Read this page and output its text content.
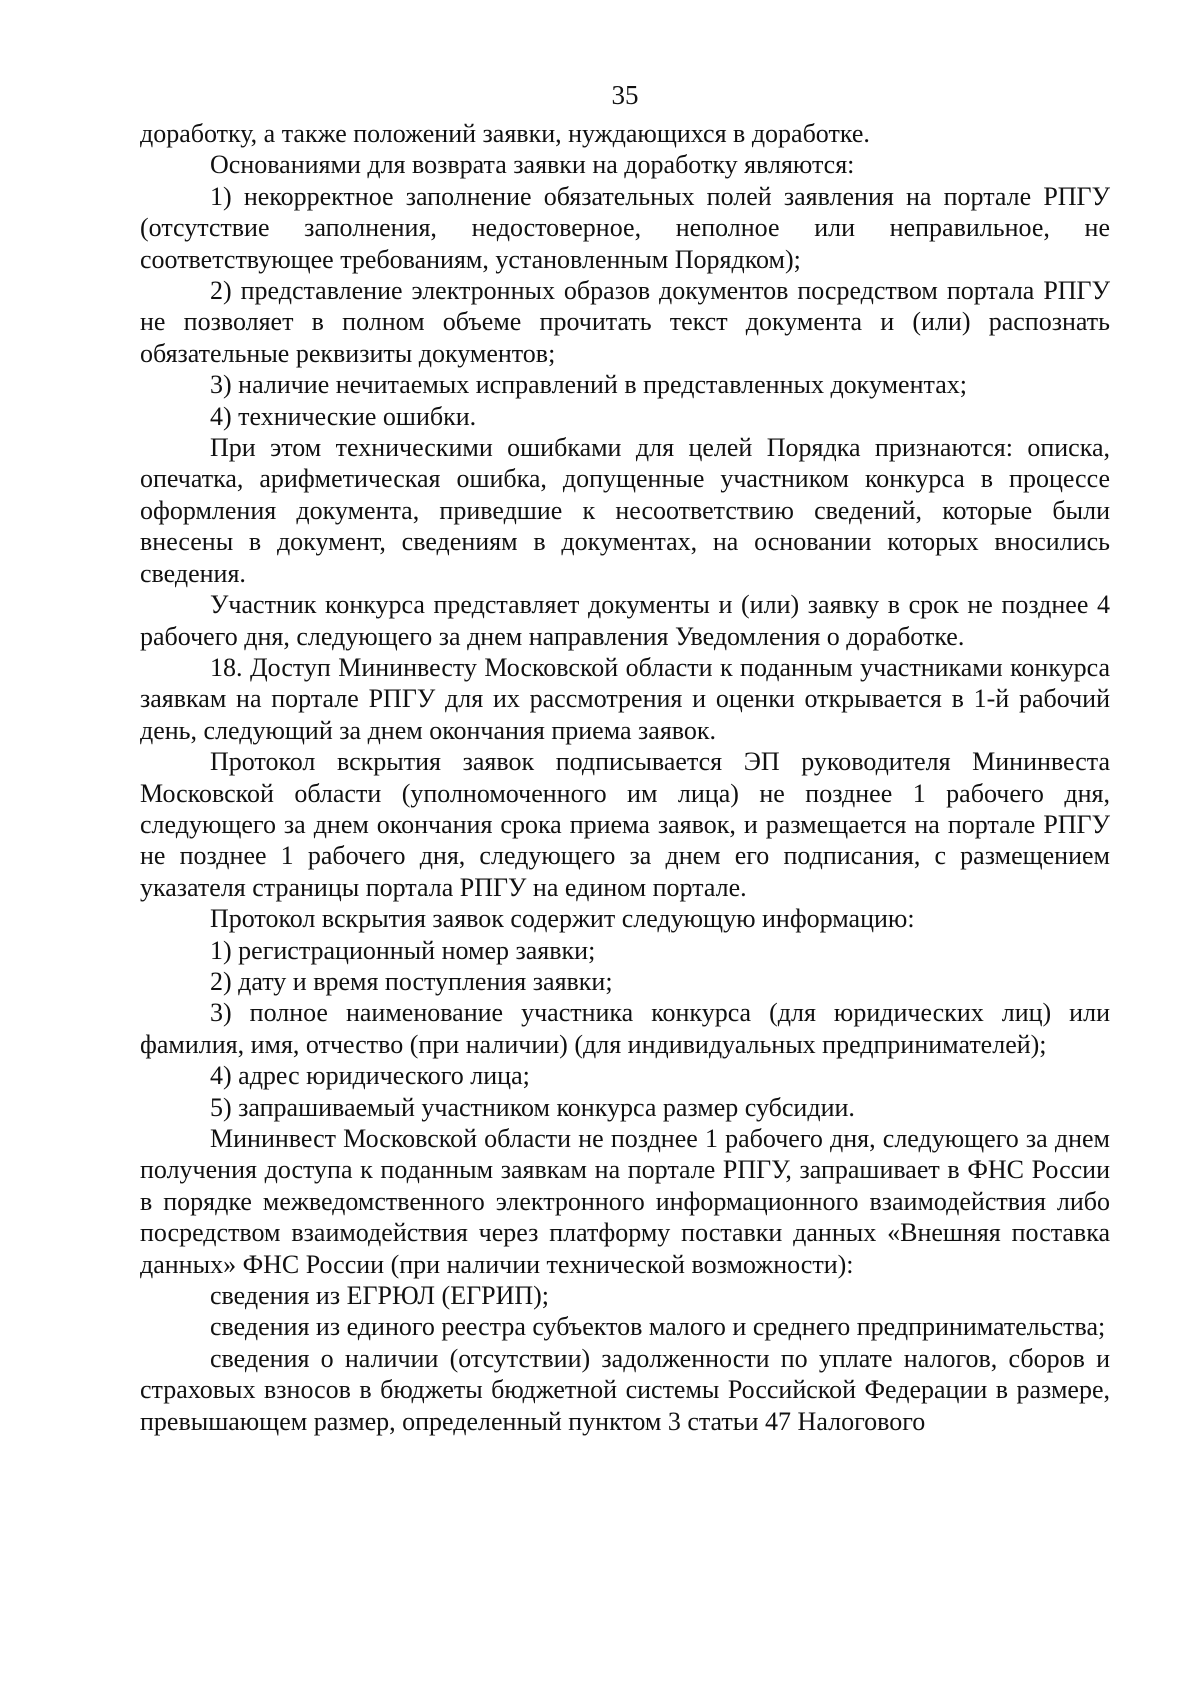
35

доработку, а также положений заявки, нуждающихся в доработке.

Основаниями для возврата заявки на доработку являются:

1) некорректное заполнение обязательных полей заявления на портале РПГУ (отсутствие заполнения, недостоверное, неполное или неправильное, не соответствующее требованиям, установленным Порядком);

2) представление электронных образов документов посредством портала РПГУ не позволяет в полном объеме прочитать текст документа и (или) распознать обязательные реквизиты документов;

3) наличие нечитаемых исправлений в представленных документах;

4) технические ошибки.

При этом техническими ошибками для целей Порядка признаются: описка, опечатка, арифметическая ошибка, допущенные участником конкурса в процессе оформления документа, приведшие к несоответствию сведений, которые были внесены в документ, сведениям в документах, на основании которых вносились сведения.

Участник конкурса представляет документы и (или) заявку в срок не позднее 4 рабочего дня, следующего за днем направления Уведомления о доработке.

18. Доступ Мининвесту Московской области к поданным участниками конкурса заявкам на портале РПГУ для их рассмотрения и оценки открывается в 1-й рабочий день, следующий за днем окончания приема заявок.

Протокол вскрытия заявок подписывается ЭП руководителя Мининвеста Московской области (уполномоченного им лица) не позднее 1 рабочего дня, следующего за днем окончания срока приема заявок, и размещается на портале РПГУ не позднее 1 рабочего дня, следующего за днем его подписания, с размещением указателя страницы портала РПГУ на едином портале.

Протокол вскрытия заявок содержит следующую информацию:

1) регистрационный номер заявки;

2) дату и время поступления заявки;

3) полное наименование участника конкурса (для юридических лиц) или фамилия, имя, отчество (при наличии) (для индивидуальных предпринимателей);

4) адрес юридического лица;

5) запрашиваемый участником конкурса размер субсидии.

Мининвест Московской области не позднее 1 рабочего дня, следующего за днем получения доступа к поданным заявкам на портале РПГУ, запрашивает в ФНС России в порядке межведомственного электронного информационного взаимодействия либо посредством взаимодействия через платформу поставки данных «Внешняя поставка данных» ФНС России (при наличии технической возможности):

сведения из ЕГРЮЛ (ЕГРИП);

сведения из единого реестра субъектов малого и среднего предпринимательства;

сведения о наличии (отсутствии) задолженности по уплате налогов, сборов и страховых взносов в бюджеты бюджетной системы Российской Федерации в размере, превышающем размер, определенный пунктом 3 статьи 47 Налогового
